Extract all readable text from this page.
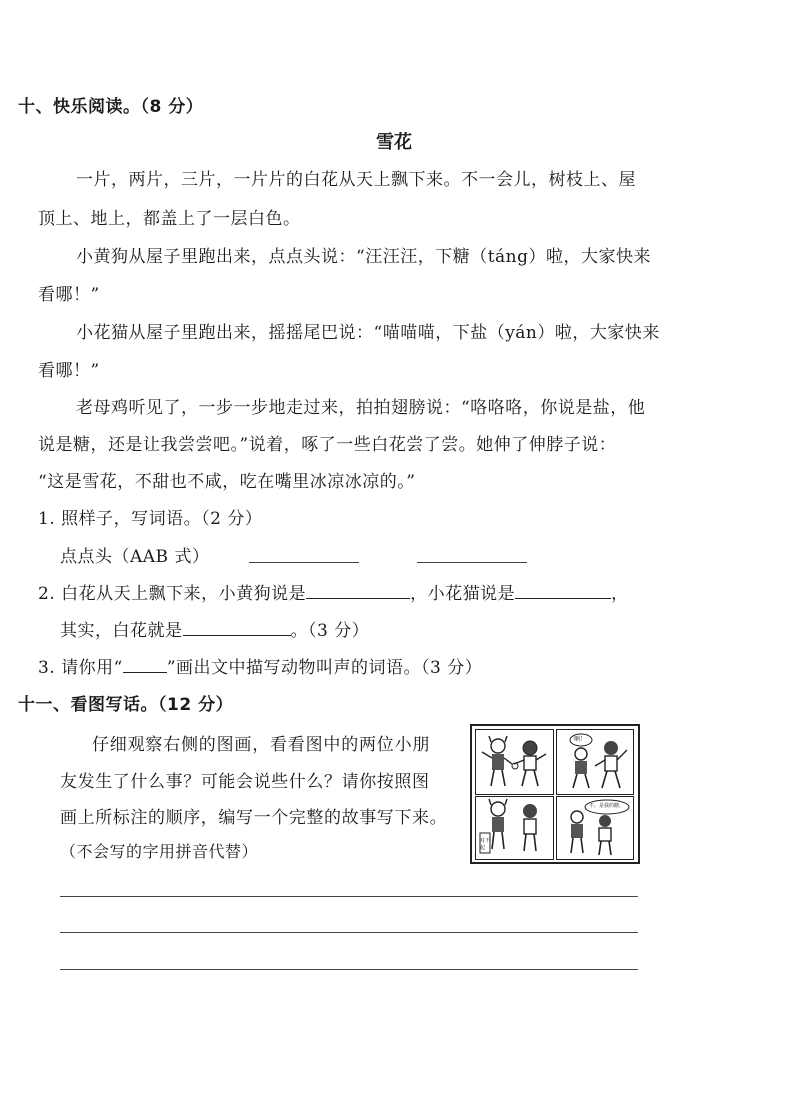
十、快乐阅读。（8 分）
雪花
一片，两片，三片，一片片的白花从天上飘下来。不一会儿，树枝上、屋
顶上、地上，都盖上了一层白色。
小黄狗从屋子里跑出来，点点头说：“汪汪汪，下糖（táng）啦，大家快来
看哪！”
小花猫从屋子里跑出来，摇摇尾巴说：“喵喵喵，下盐（yán）啦，大家快来
看哪！”
老母鸡听见了，一步一步地走过来，拍拍翅膀说：“咯咯咯，你说是盐，他
说是糖，还是让我尝尝吧。”说着，啄了一些白花尝了尝。她伸了伸脖子说：
“这是雪花，不甜也不咸，吃在嘴里冰凉冰凉的。”
1. 照样子，写词语。（2 分）
点点头（AAB 式）
2. 白花从天上飘下来，小黄狗说是	，小花猫说是	，
其实，白花就是	。（3 分）
3. 请你用“	”画出文中描写动物叫声的词语。（3 分）
十一、看图写话。（12 分）
仔细观察右侧的图画，看看图中的两位小朋
友发生了什么事？可能会说些什么？请你按照图
画上所标注的顺序，编写一个完整的故事写下来。
（不会写的字用拼音代替）
啊！
对不起
不，是我的糖。
